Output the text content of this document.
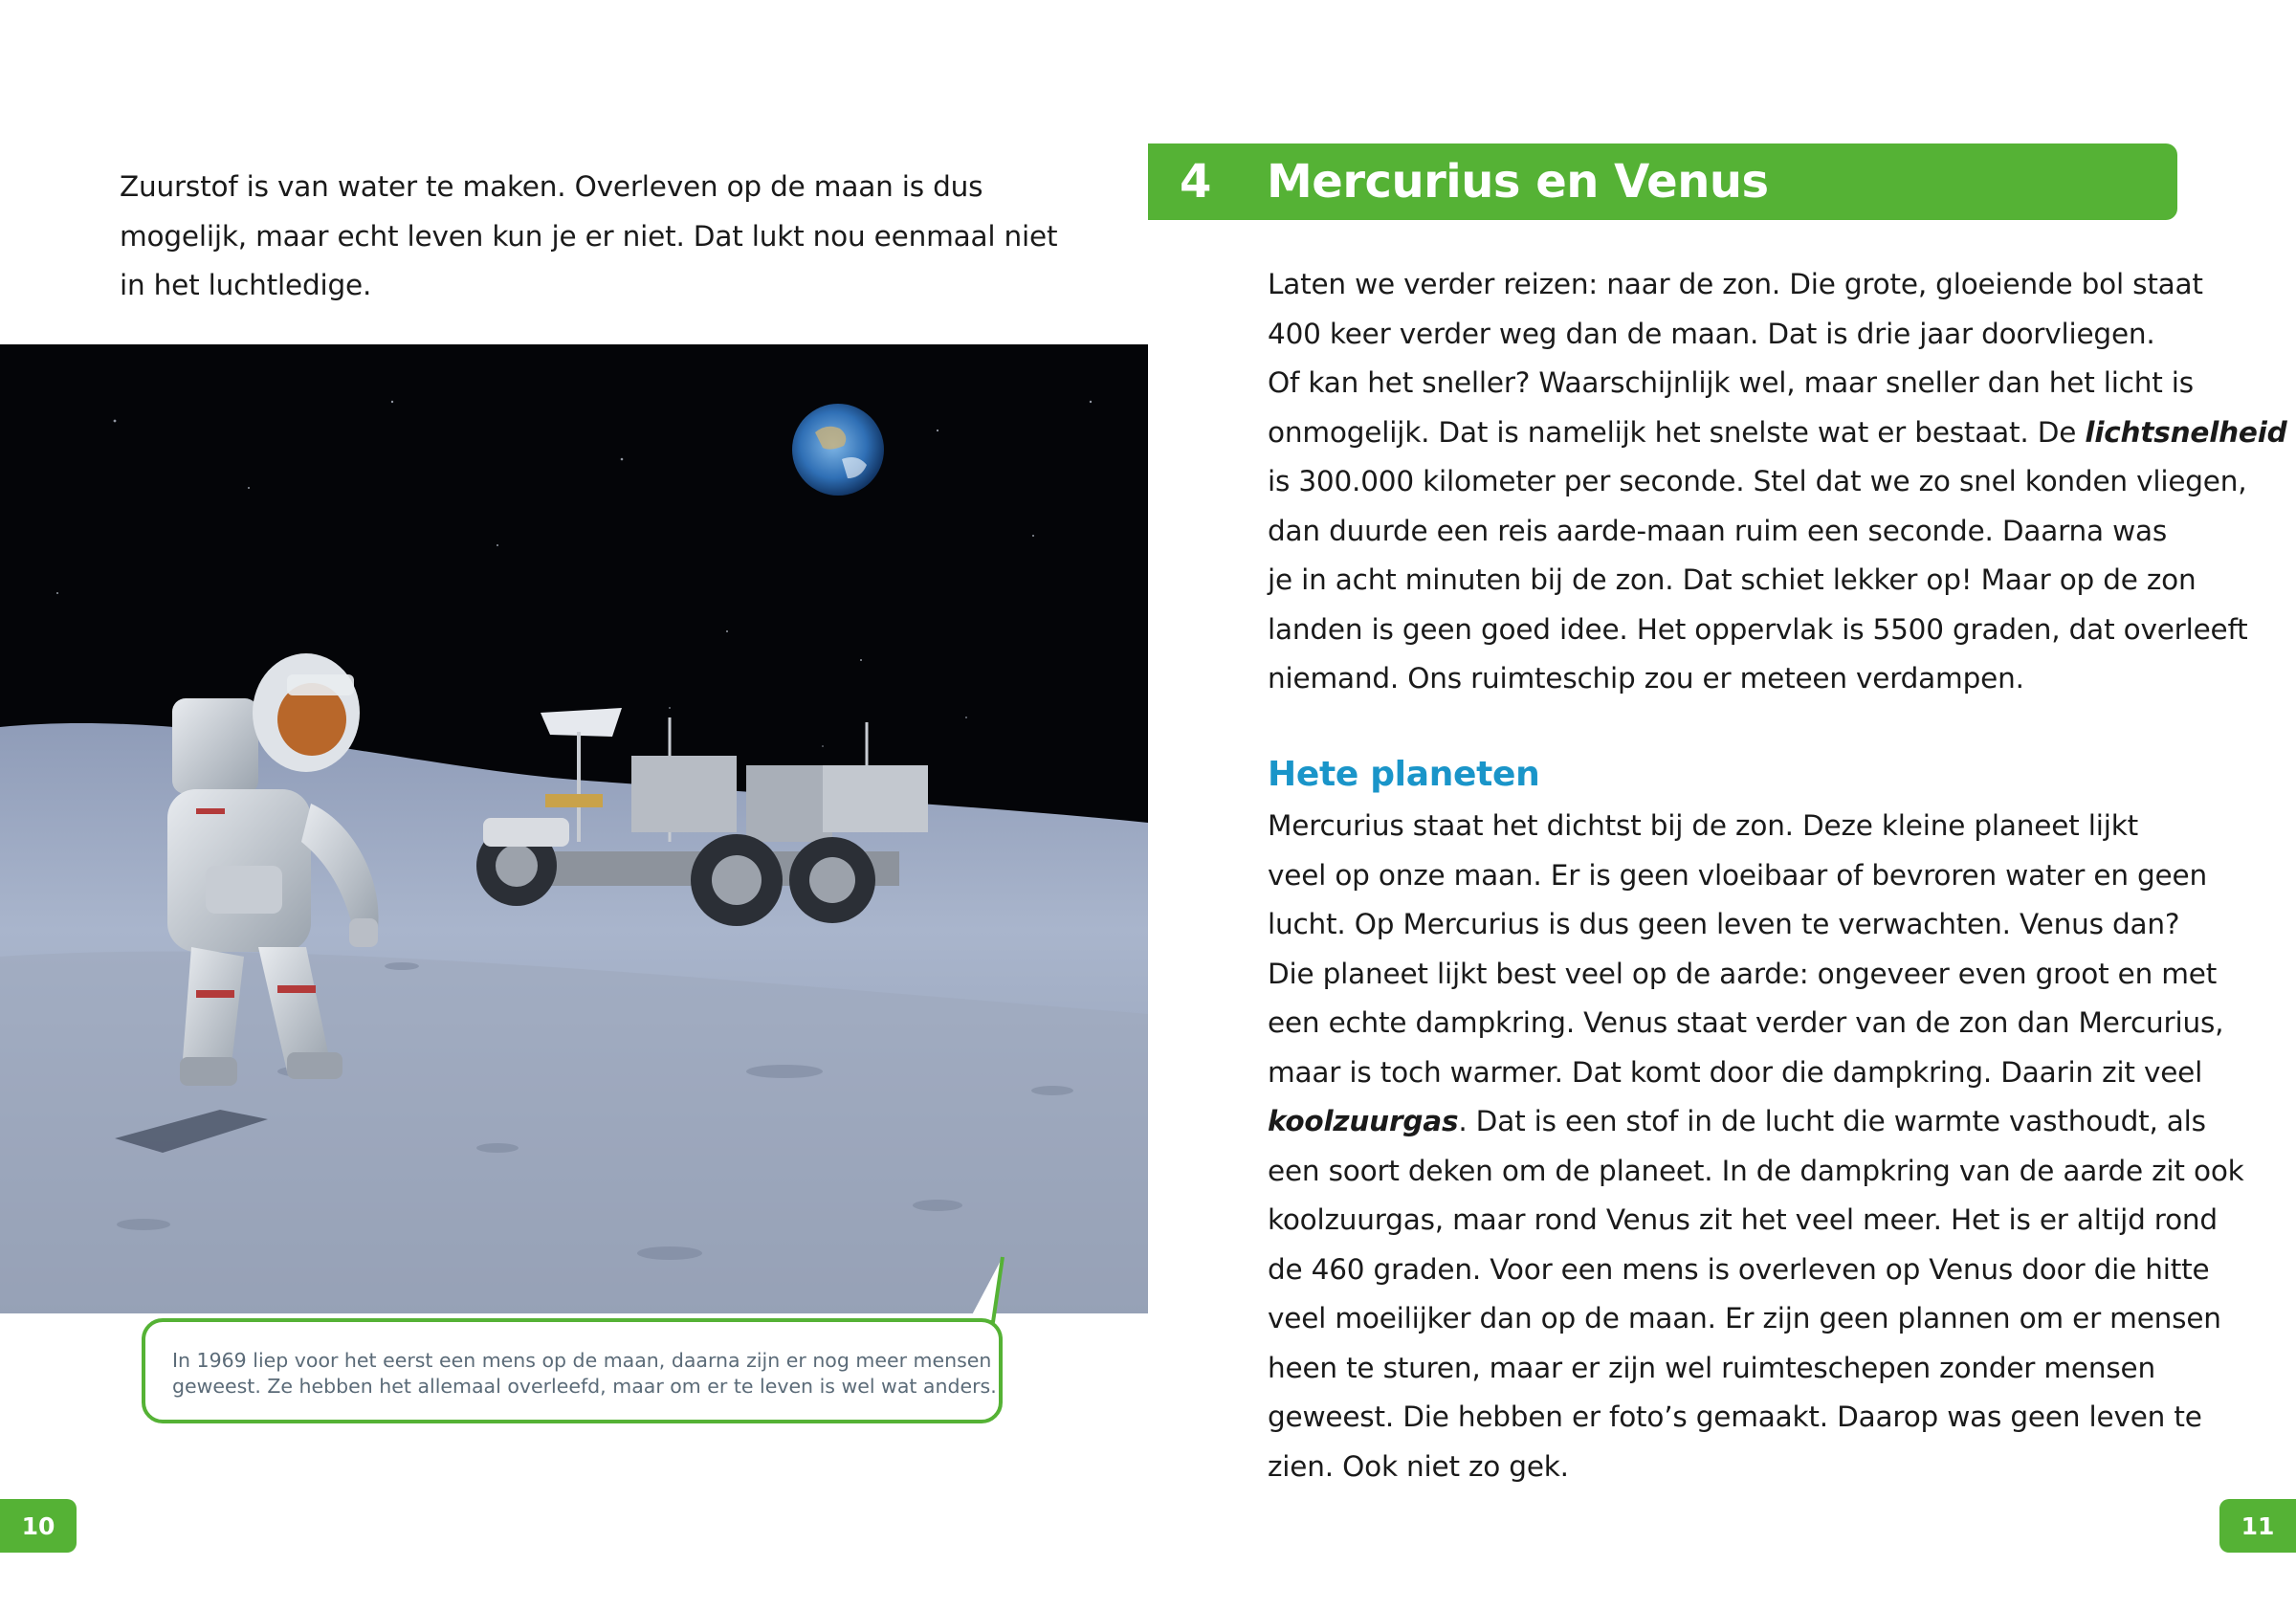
Zuurstof is van water te maken. Overleven op de maan is dus
mogelijk, maar echt leven kun je er niet. Dat lukt nou eenmaal niet
in het luchtledige.
In 1969 liep voor het eerst een mens op de maan, daarna zijn er nog meer mensen
geweest. Ze hebben het allemaal overleefd, maar om er te leven is wel wat anders.
10
4 Mercurius en Venus
Laten we verder reizen: naar de zon. Die grote, gloeiende bol staat
400 keer verder weg dan de maan. Dat is drie jaar doorvliegen.
Of kan het sneller? Waarschijnlijk wel, maar sneller dan het licht is
onmogelijk. Dat is namelijk het snelste wat er bestaat. De lichtsnelheid
is 300.000 kilometer per seconde. Stel dat we zo snel konden vliegen,
dan duurde een reis aarde-maan ruim een seconde. Daarna was
je in acht minuten bij de zon. Dat schiet lekker op! Maar op de zon
landen is geen goed idee. Het oppervlak is 5500 graden, dat overleeft
niemand. Ons ruimteschip zou er meteen verdampen.
Hete planeten
Mercurius staat het dichtst bij de zon. Deze kleine planeet lijkt
veel op onze maan. Er is geen vloeibaar of bevroren water en geen
lucht. Op Mercurius is dus geen leven te verwachten. Venus dan?
Die planeet lijkt best veel op de aarde: ongeveer even groot en met
een echte dampkring. Venus staat verder van de zon dan Mercurius,
maar is toch warmer. Dat komt door die dampkring. Daarin zit veel
koolzuurgas. Dat is een stof in de lucht die warmte vasthoudt, als
een soort deken om de planeet. In de dampkring van de aarde zit ook
koolzuurgas, maar rond Venus zit het veel meer. Het is er altijd rond
de 460 graden. Voor een mens is overleven op Venus door die hitte
veel moeilijker dan op de maan. Er zijn geen plannen om er mensen
heen te sturen, maar er zijn wel ruimteschepen zonder mensen
geweest. Die hebben er foto’s gemaakt. Daarop was geen leven te
zien. Ook niet zo gek.
11
